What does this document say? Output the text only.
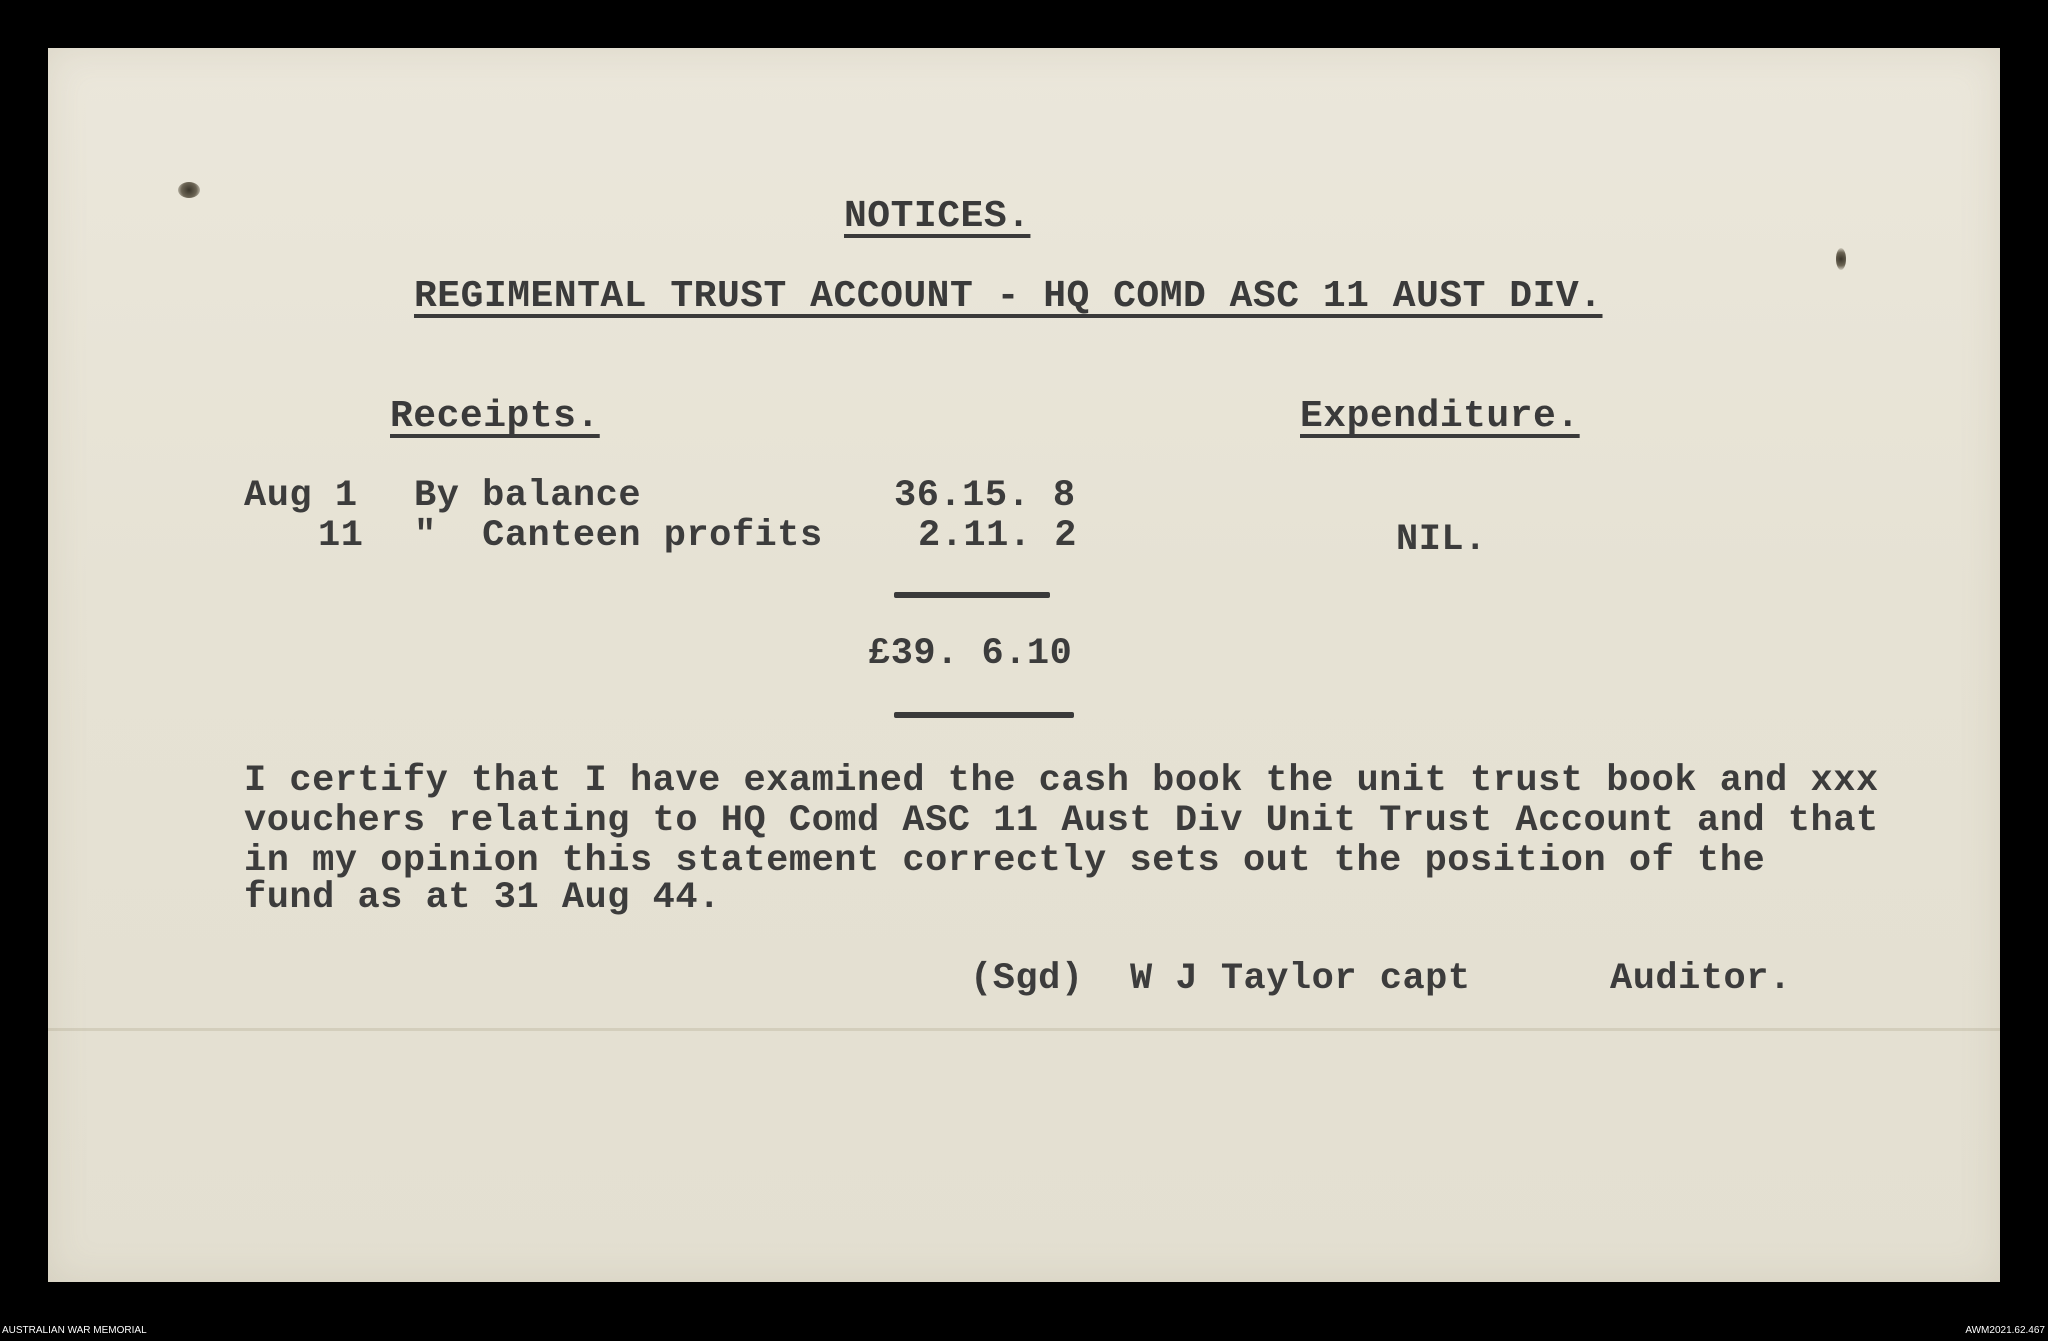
NOTICES.
REGIMENTAL TRUST ACCOUNT - HQ COMD ASC 11 AUST DIV.
Receipts.	Expenditure.
Aug 1 By balance	36.15. 8
11 "  Canteen profits	2.11. 2	NIL.
£39. 6.10
I certify that I have examined the cash book the unit trust book and xxx
vouchers relating to HQ Comd ASC 11 Aust Div Unit Trust Account and that
in my opinion this statement correctly sets out the position of the
fund as at 31 Aug 44.
(Sgd) W J Taylor capt	Auditor.
AUSTRALIAN WAR MEMORIAL	AWM2021.62.467
